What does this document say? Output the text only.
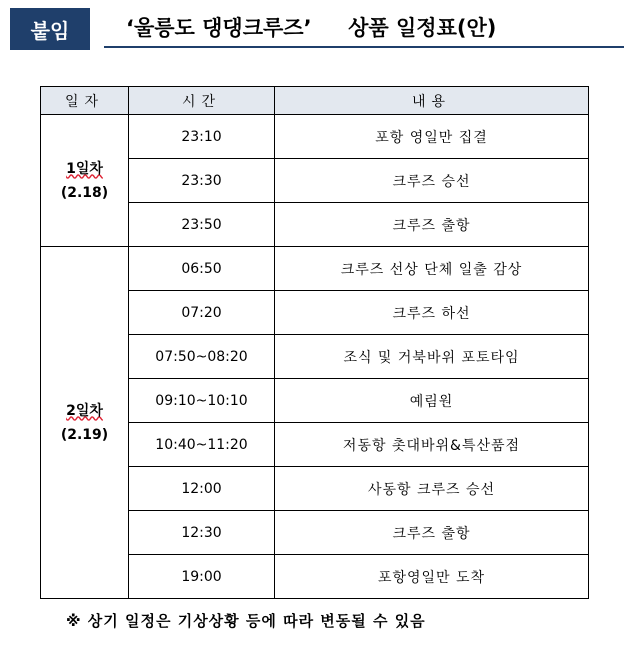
붙임	‘울릉도 댕댕크루즈’     상품 일정표(안)
일자	시간	내용
1일차
(2.18)	23:10	포항 영일만 집결
	23:30	크루즈 승선
	23:50	크루즈 출항
2일차
(2.19)	06:50	크루즈 선상 단체 일출 감상
	07:20	크루즈 하선
	07:50~08:20	조식 및 거북바위 포토타임
	09:10~10:10	예림원
	10:40~11:20	저동항 촛대바위&특산품점
	12:00	사동항 크루즈 승선
	12:30	크루즈 출항
	19:00	포항영일만 도착
※ 상기 일정은 기상상황 등에 따라 변동될 수 있음
